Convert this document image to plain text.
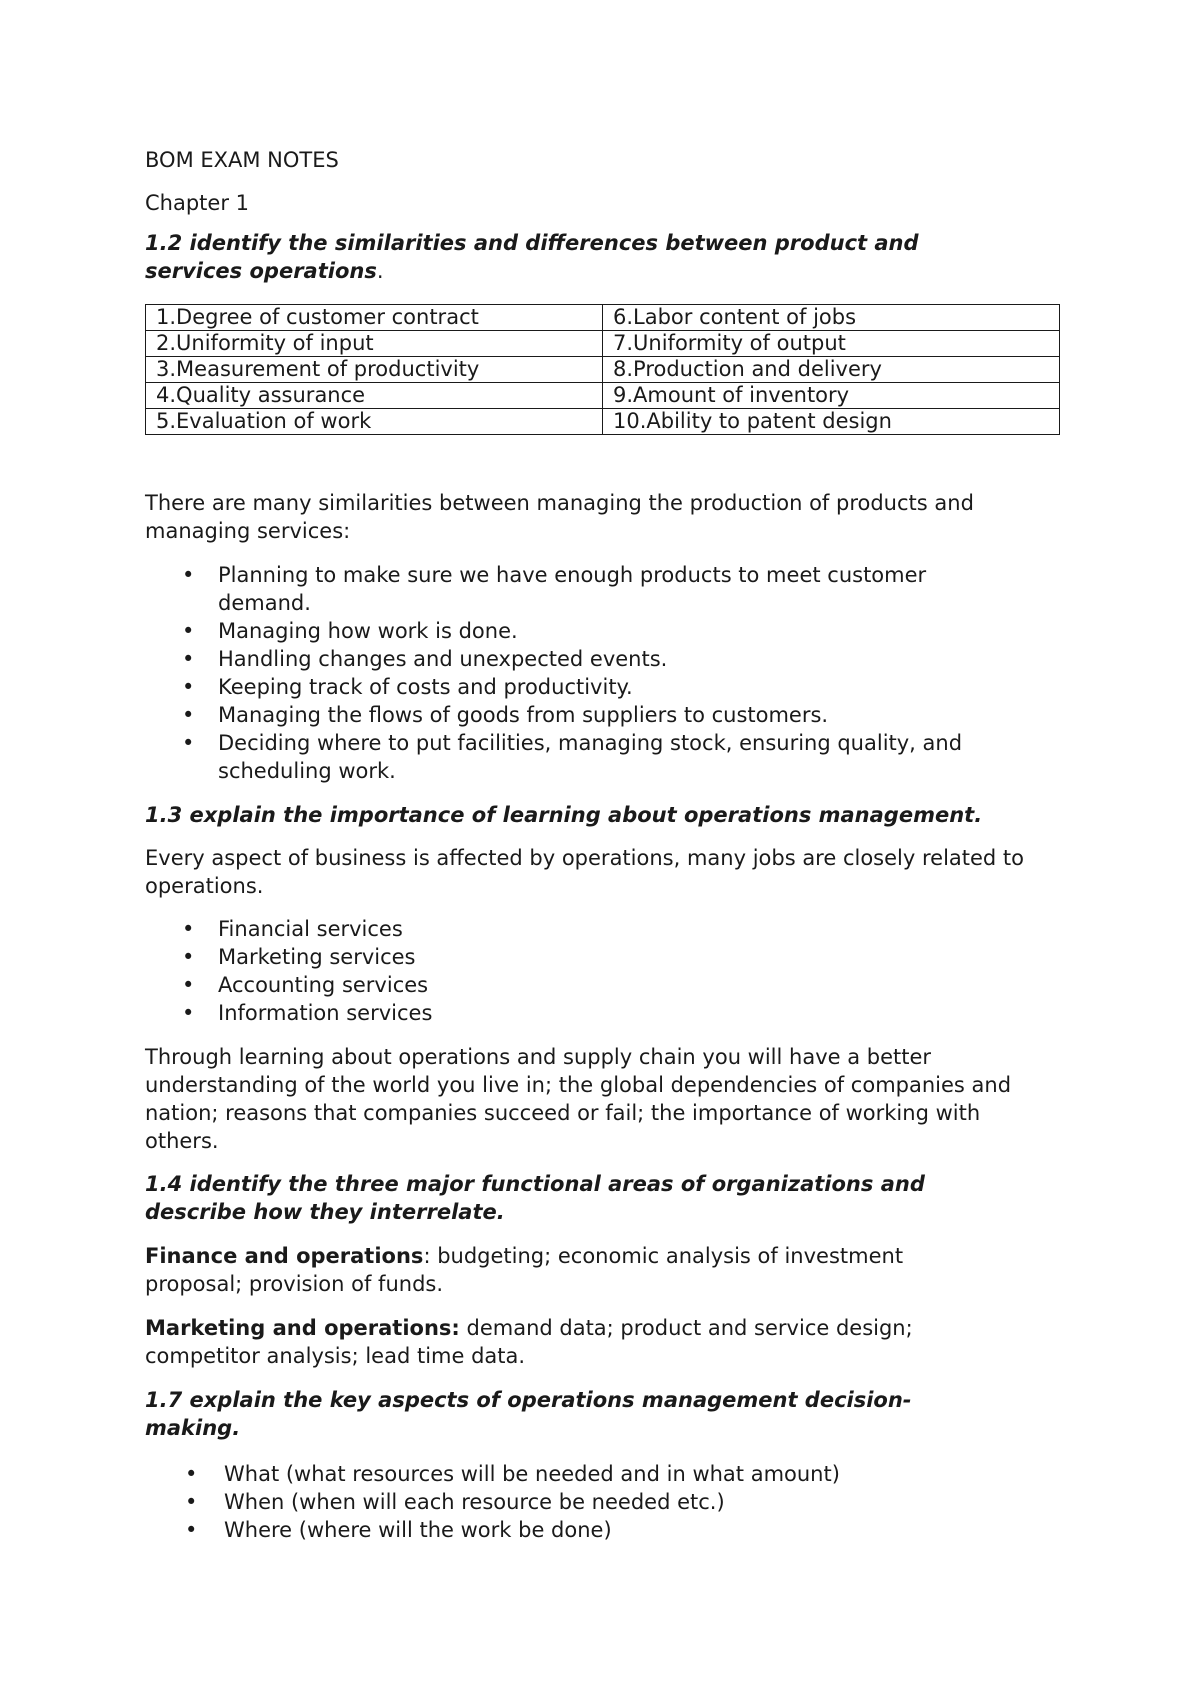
BOM EXAM NOTES
Chapter 1

1.2 identify the similarities and differences between product and services operations.

1.Degree of customer contract	6.Labor content of jobs
2.Uniformity of input	7.Uniformity of output
3.Measurement of productivity	8.Production and delivery
4.Quality assurance	9.Amount of inventory
5.Evaluation of work	10.Ability to patent design

There are many similarities between managing the production of products and managing services:

• Planning to make sure we have enough products to meet customer demand.
• Managing how work is done.
• Handling changes and unexpected events.
• Keeping track of costs and productivity.
• Managing the flows of goods from suppliers to customers.
• Deciding where to put facilities, managing stock, ensuring quality, and scheduling work.

1.3 explain the importance of learning about operations management.

Every aspect of business is affected by operations, many jobs are closely related to operations.

• Financial services
• Marketing services
• Accounting services
• Information services

Through learning about operations and supply chain you will have a better understanding of the world you live in; the global dependencies of companies and nation; reasons that companies succeed or fail; the importance of working with others.

1.4 identify the three major functional areas of organizations and describe how they interrelate.

Finance and operations: budgeting; economic analysis of investment proposal; provision of funds.

Marketing and operations: demand data; product and service design; competitor analysis; lead time data.

1.7 explain the key aspects of operations management decision-making.

• What (what resources will be needed and in what amount)
• When (when will each resource be needed etc.)
• Where (where will the work be done)
